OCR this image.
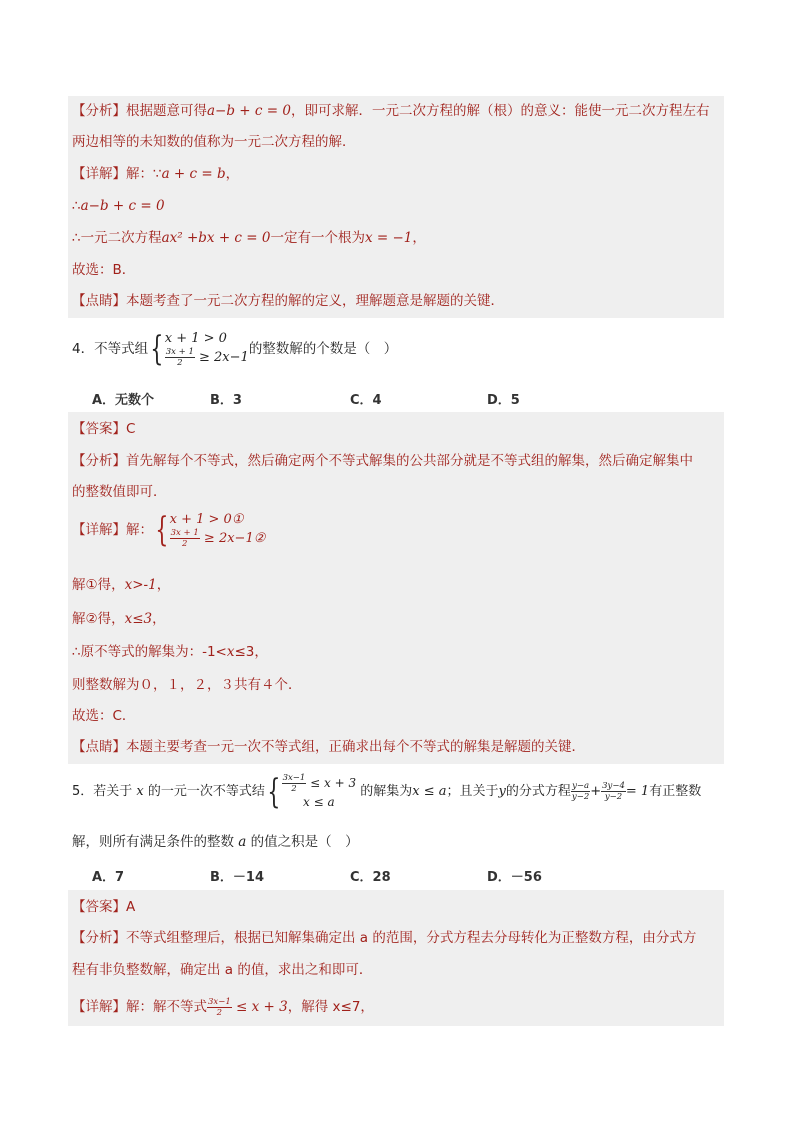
【分析】根据题意可得a−b + c = 0，即可求解．一元二次方程的解（根）的意义：能使一元二次方程左右
两边相等的未知数的值称为一元二次方程的解．
【详解】解：∵a + c = b，
∴a−b + c = 0
∴一元二次方程ax² +bx + c = 0一定有一个根为x = −1，
故选：B．
【点睛】本题考查了一元二次方程的解的定义，理解题意是解题的关键．
4．不等式组{ x + 1 > 0
$\frac{3x + 1}{2} \ge 2x-1$
的整数解的个数是（　）
A．无数个	B．3	C．4	D．5
【答案】C
【分析】首先解每个不等式，然后确定两个不等式解集的公共部分就是不等式组的解集，然后确定解集中
的整数值即可．
【详解】解：{ x + 1 > 0①
$\frac{3x + 1}{2}$ ≥ 2x−1②
解①得，x>-1，
解②得，x≤3，
∴原不等式的解集为：-1<x≤3，
则整数解为０，１，２，３共有４个．
故选：C．
【点睛】本题主要考查一元一次不等式组，正确求出每个不等式的解集是解题的关键．
5．若关于 x 的一元一次不等式结{ $\frac{3x-1}{2} \le x + 3$
x ≤ a
的解集为x ≤ a；且关于y的分式方程 $\frac{y-a}{y-2} + \frac{3y-4}{y-2} = 1$有正整数
解，则所有满足条件的整数 a 的值之积是（　）
A．7	B．－14	C．28	D．－56
【答案】A
【分析】不等式组整理后，根据已知解集确定出 a 的范围，分式方程去分母转化为正整数方程，由分式方
程有非负整数解，确定出 a 的值，求出之和即可．
【详解】解：解不等式 $\frac{3x-1}{2} \le x + 3$，解得 x≤7，
